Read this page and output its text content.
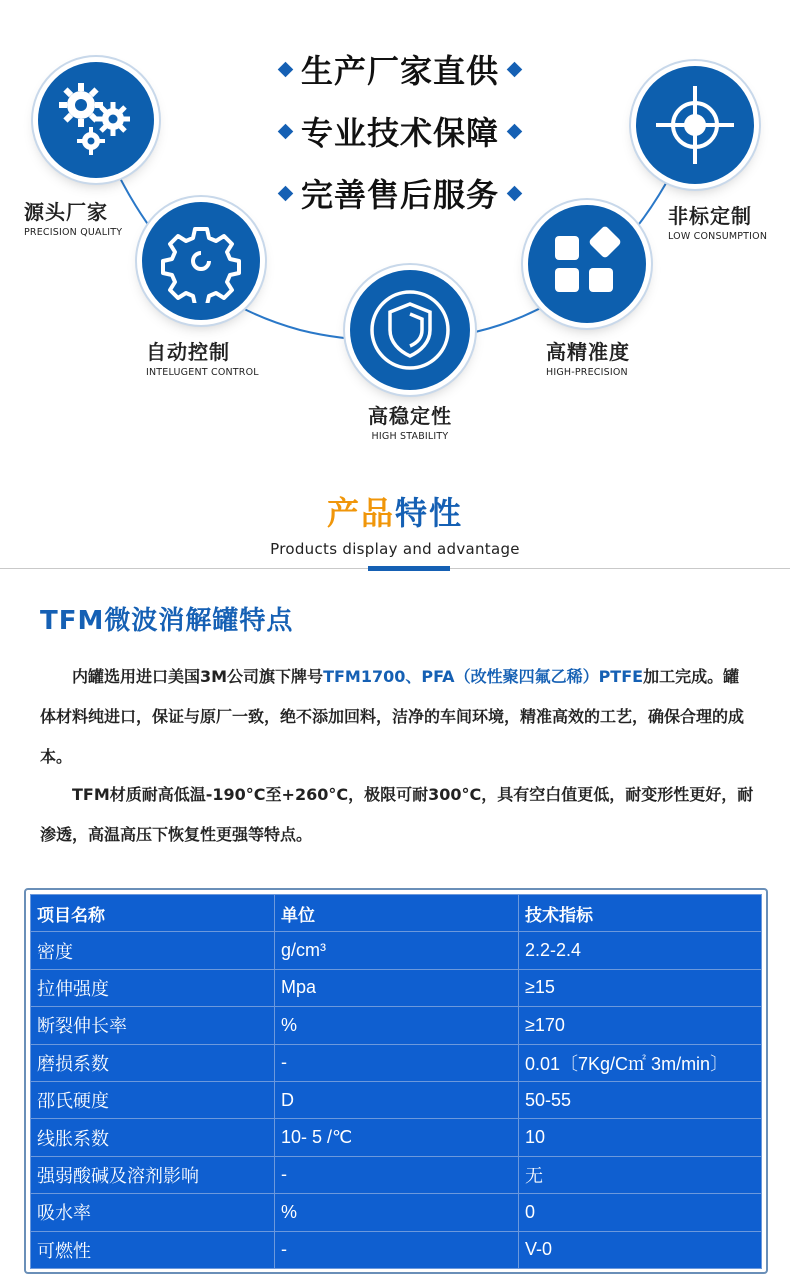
生产厂家直供
专业技术保障
完善售后服务
源头厂家
PRECISION QUALITY
自动控制
INTELUGENT CONTROL
高稳定性
HIGH STABILITY
高精准度
HIGH-PRECISION
非标定制
LOW CONSUMPTION
产品特性
Products display and advantage
TFM微波消解罐特点
内罐选用进口美国3M公司旗下牌号TFM1700、PFA（改性聚四氟乙稀）PTFE加工完成。罐体材料纯进口，保证与原厂一致，绝不添加回料，洁净的车间环境，精准高效的工艺，确保合理的成本。
TFM材质耐高低温-190°C至+260°C，极限可耐300°C，具有空白值更低，耐变形性更好，耐渗透，高温高压下恢复性更强等特点。
项目名称	单位	技术指标
密度	g/cm³	2.2-2.4
拉伸强度	Mpa	≥15
断裂伸长率	%	≥170
磨损系数	-	0.01〔7Kg/C㎡ 3m/min〕
邵氏硬度	D	50-55
线胀系数	10- 5 /℃	10
强弱酸碱及溶剂影响	-	无
吸水率	%	0
可燃性	-	V-0
